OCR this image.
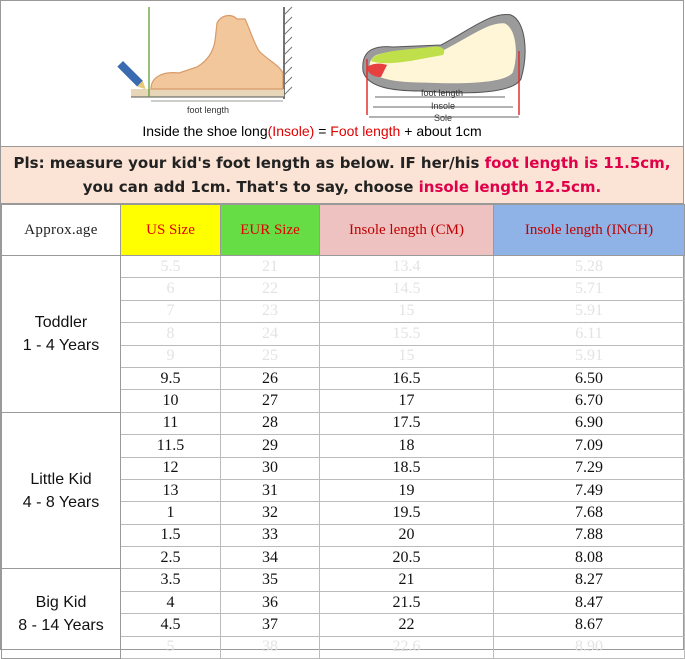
foot length
foot length
Insole
Sole
Inside the shoe long(Insole) = Foot length + about 1cm
Pls: measure your kid's foot length as below. IF her/his foot length is 11.5cm,
you can add 1cm. That's to say, choose insole length 12.5cm.
Approx.age	US Size	EUR Size	Insole length (CM)	Insole length (INCH)

Toddler
1 - 4 Years	5.5	21	13.4	5.28
	6	22	14.5	5.71
	7	23	15	5.91
	8	24	15.5	6.11
	9	25	15	5.91
	9.5	26	16.5	6.50
	10	27	17	6.70

Little Kid
4 - 8 Years	11	28	17.5	6.90
	11.5	29	18	7.09
	12	30	18.5	7.29
	13	31	19	7.49
	1	32	19.5	7.68
	1.5	33	20	7.88
	2.5	34	20.5	8.08

Big Kid
8 - 14 Years	3.5	35	21	8.27
	4	36	21.5	8.47
	4.5	37	22	8.67
	5	38	22.6	8.90
